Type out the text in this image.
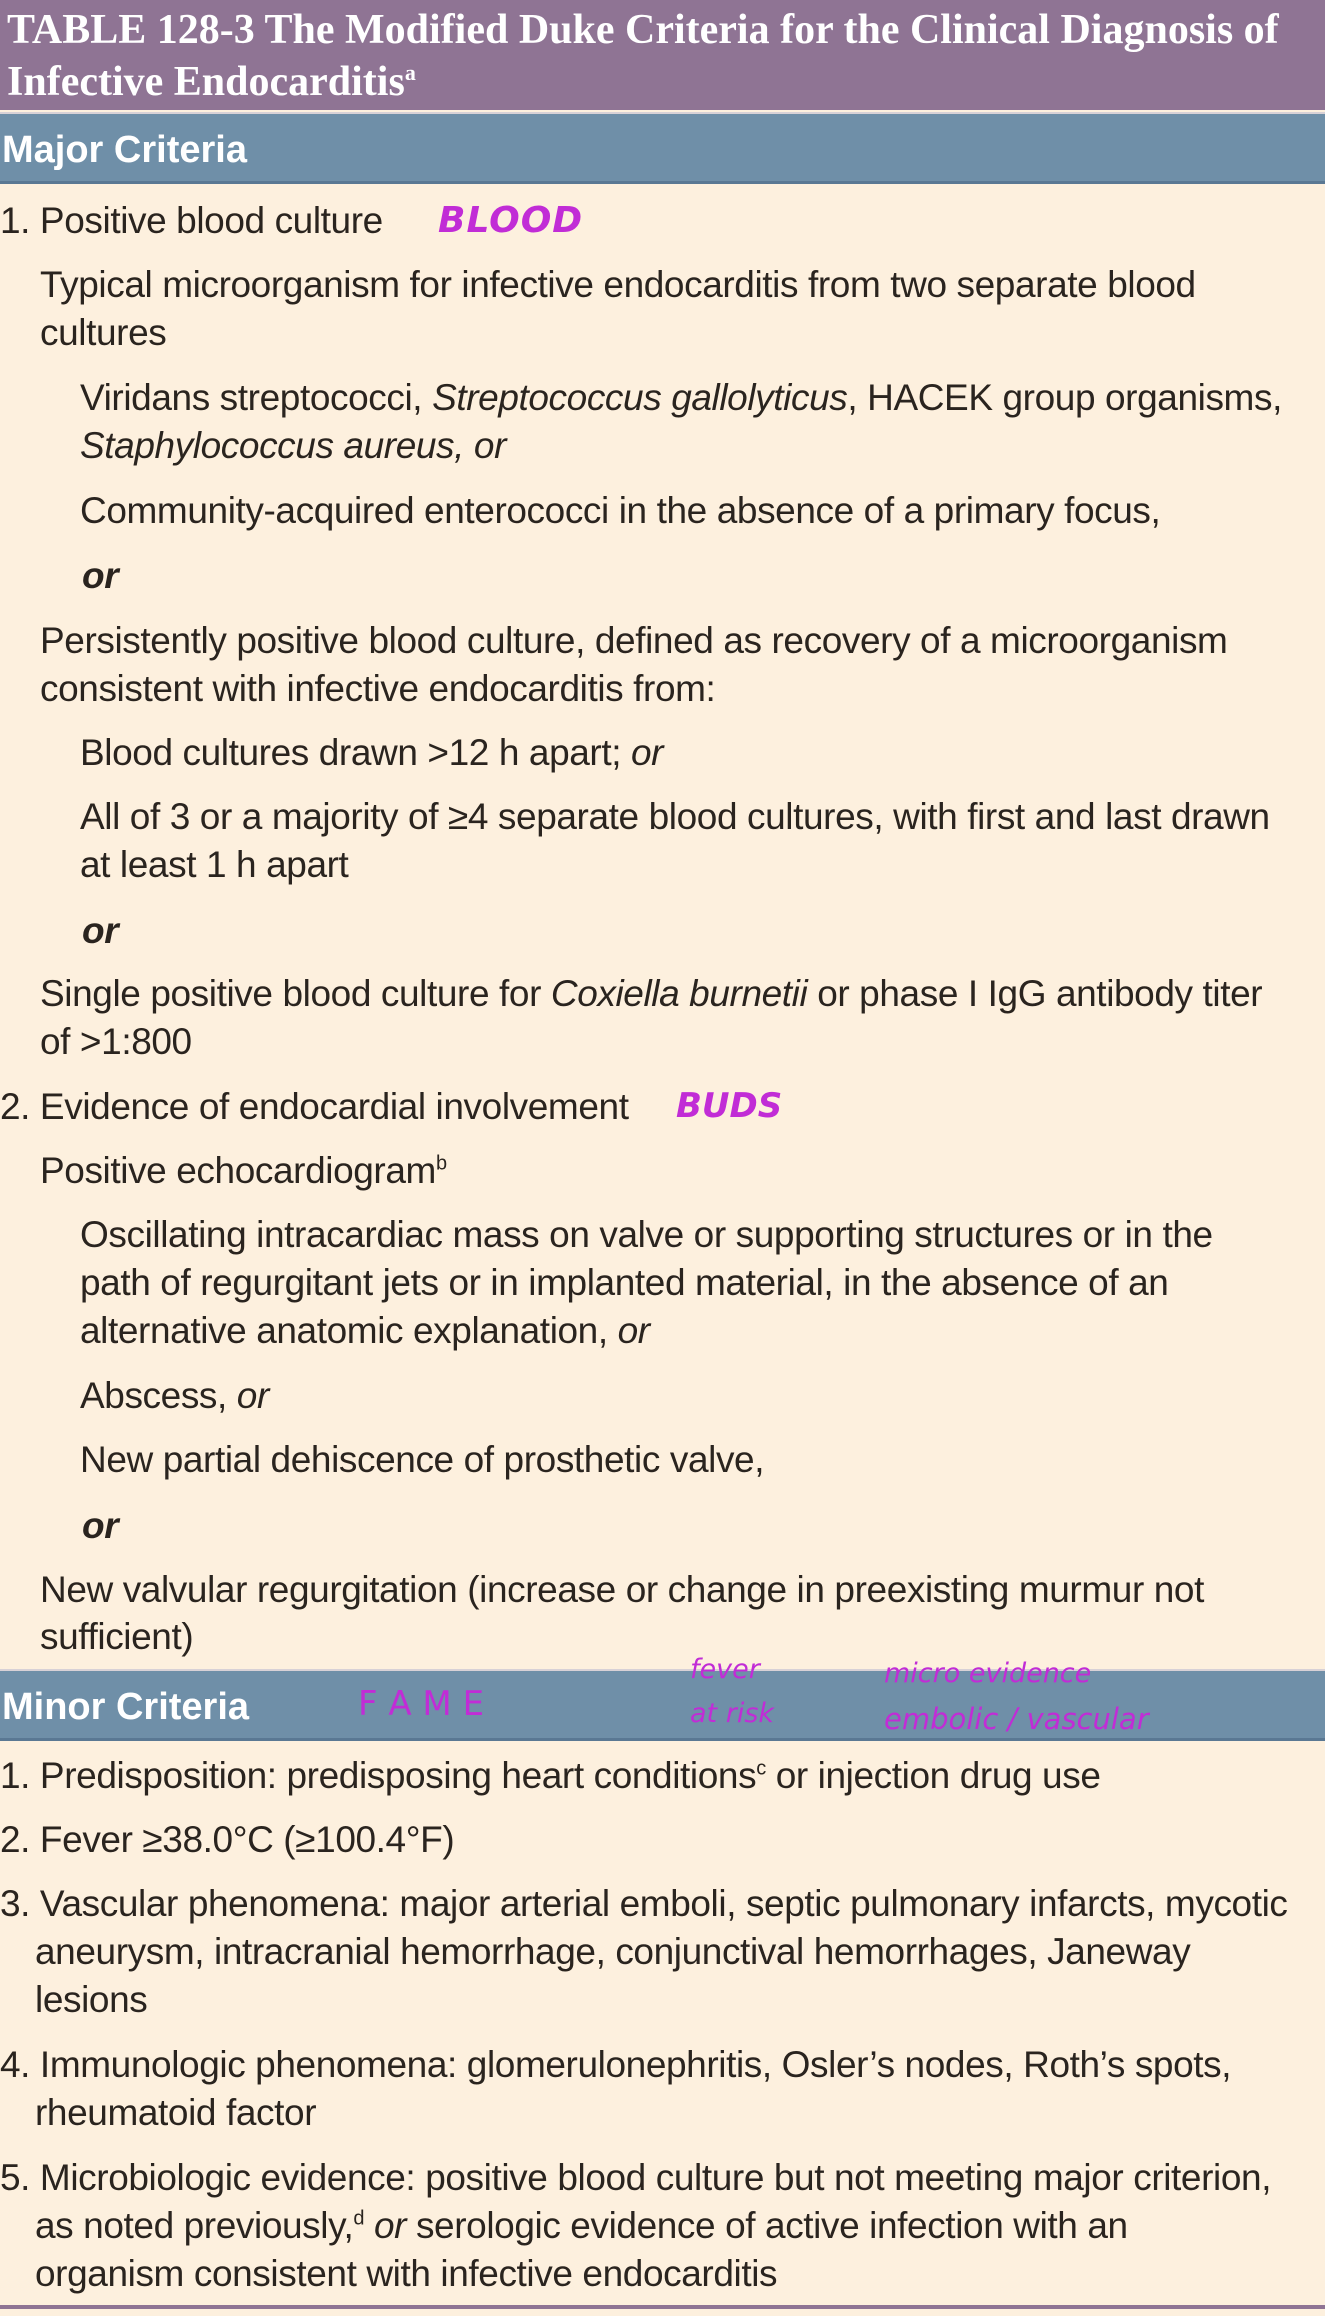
TABLE 128-3 The Modified Duke Criteria for the Clinical Diagnosis of
Infective Endocarditis$^a$
Major Criteria
1. Positive blood culture BLOOD
Typical microorganism for infective endocarditis from two separate blood
cultures
Viridans streptococci, Streptococcus gallolyticus, HACEK group organisms,
Staphylococcus aureus, or
Community-acquired enterococci in the absence of a primary focus,
or
Persistently positive blood culture, defined as recovery of a microorganism
consistent with infective endocarditis from:
Blood cultures drawn >12 h apart; or
All of 3 or a majority of ≥4 separate blood cultures, with first and last drawn
at least 1 h apart
or
Single positive blood culture for Coxiella burnetii or phase I IgG antibody titer
of >1:800
2. Evidence of endocardial involvement BUDS
Positive echocardiogram$^b$
Oscillating intracardiac mass on valve or supporting structures or in the
path of regurgitant jets or in implanted material, in the absence of an
alternative anatomic explanation, or
Abscess, or
New partial dehiscence of prosthetic valve,
or
New valvular regurgitation (increase or change in preexisting murmur not
sufficient)
Minor Criteria	F A M E
fever
at risk
micro evidence
embolic / vascular
1. Predisposition: predisposing heart conditions$^c$ or injection drug use
2. Fever ≥38.0°C (≥100.4°F)
3. Vascular phenomena: major arterial emboli, septic pulmonary infarcts, mycotic
aneurysm, intracranial hemorrhage, conjunctival hemorrhages, Janeway
lesions
4. Immunologic phenomena: glomerulonephritis, Osler’s nodes, Roth’s spots,
rheumatoid factor
5. Microbiologic evidence: positive blood culture but not meeting major criterion,
as noted previously,$^d$ or serologic evidence of active infection with an
organism consistent with infective endocarditis
